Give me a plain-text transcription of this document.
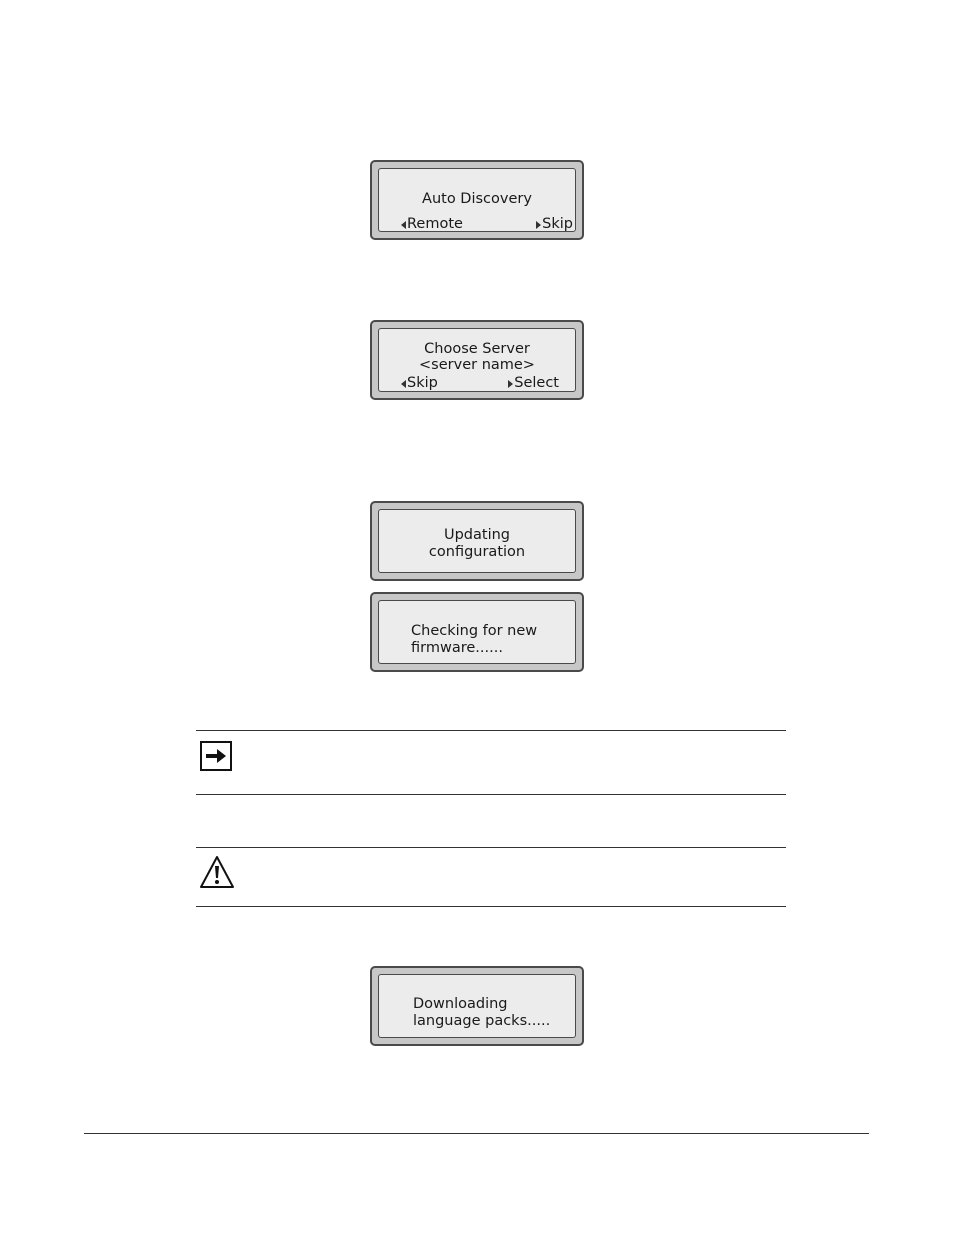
Auto Discovery
Remote	Skip
Choose Server
<server name>
Skip	Select
Updating
configuration
Checking for new
firmware......
Downloading
language packs.....
